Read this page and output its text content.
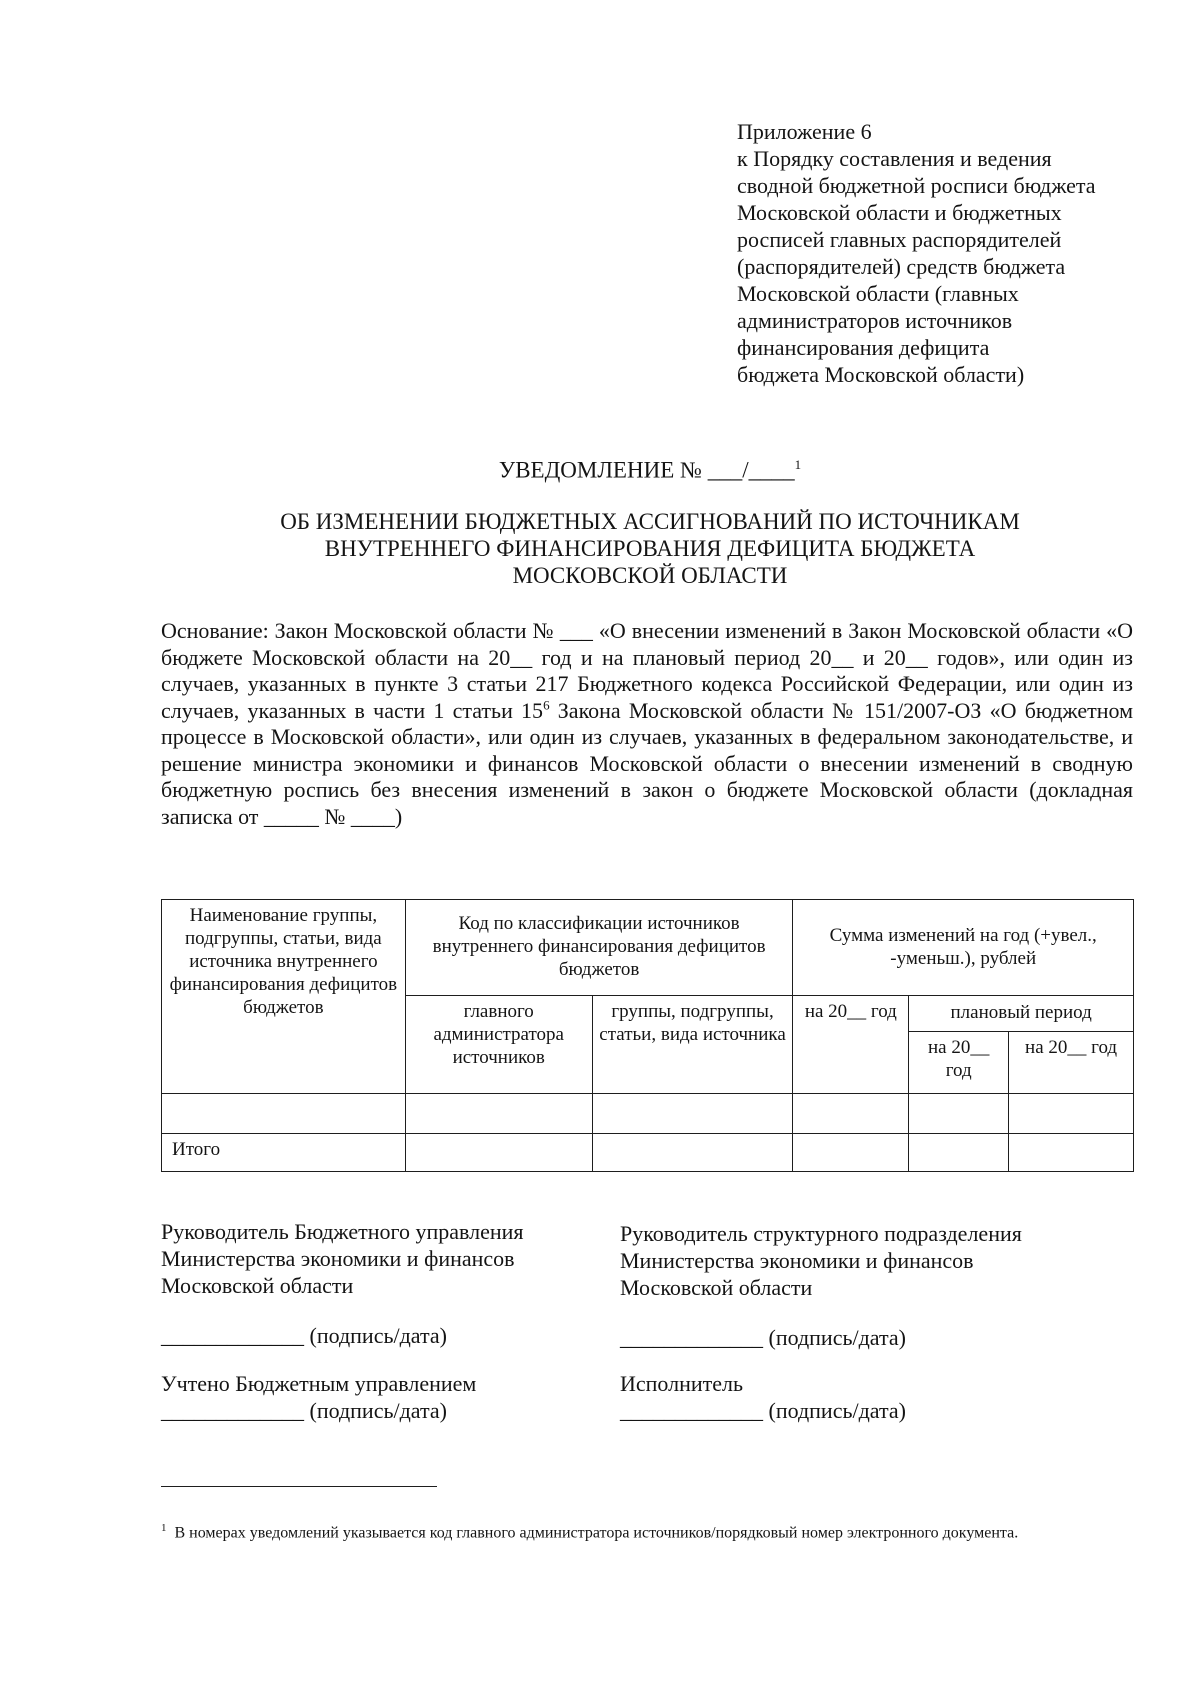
Приложение 6
к Порядку составления и ведения
сводной бюджетной росписи бюджета
Московской области и бюджетных
росписей главных распорядителей
(распорядителей) средств бюджета
Московской области (главных
администраторов источников
финансирования дефицита
бюджета Московской области)
УВЕДОМЛЕНИЕ № ___/____$^1$
ОБ ИЗМЕНЕНИИ БЮДЖЕТНЫХ АССИГНОВАНИЙ ПО ИСТОЧНИКАМ
ВНУТРЕННЕГО ФИНАНСИРОВАНИЯ ДЕФИЦИТА БЮДЖЕТА
МОСКОВСКОЙ ОБЛАСТИ
Основание: Закон Московской области № ___ «О внесении изменений в Закон Московской области «О бюджете Московской области на 20__ год и на плановый период 20__ и 20__ годов», или один из случаев, указанных в пункте 3 статьи 217 Бюджетного кодекса Российской Федерации, или один из случаев, указанных в части 1 статьи $15^6$ Закона Московской области № 151/2007-ОЗ «О бюджетном процессе в Московской области», или один из случаев, указанных в федеральном законодательстве, и решение министра экономики и финансов Московской области о внесении изменений в сводную бюджетную роспись без внесения изменений в закон о бюджете Московской области (докладная записка от _____ № ____)
Наименование группы, подгруппы, статьи, вида источника внутреннего финансирования дефицитов бюджетов	Код по классификации источников внутреннего финансирования дефицитов бюджетов		Сумма изменений на год (+увел., -уменьш.), рублей		
	главного администратора источников	группы, подгруппы, статьи, вида источника	на 20__ год	плановый период	
				на 20__ год	на 20__ год

Итого					
Руководитель Бюджетного управления
Министерства экономики и финансов
Московской области
Руководитель структурного подразделения
Министерства экономики и финансов
Московской области
_____________ (подпись/дата)	_____________ (подпись/дата)
Учтено Бюджетным управлением
_____________ (подпись/дата)
Исполнитель
_____________ (подпись/дата)
$^1$ В номерах уведомлений указывается код главного администратора источников/порядковый номер электронного документа.
